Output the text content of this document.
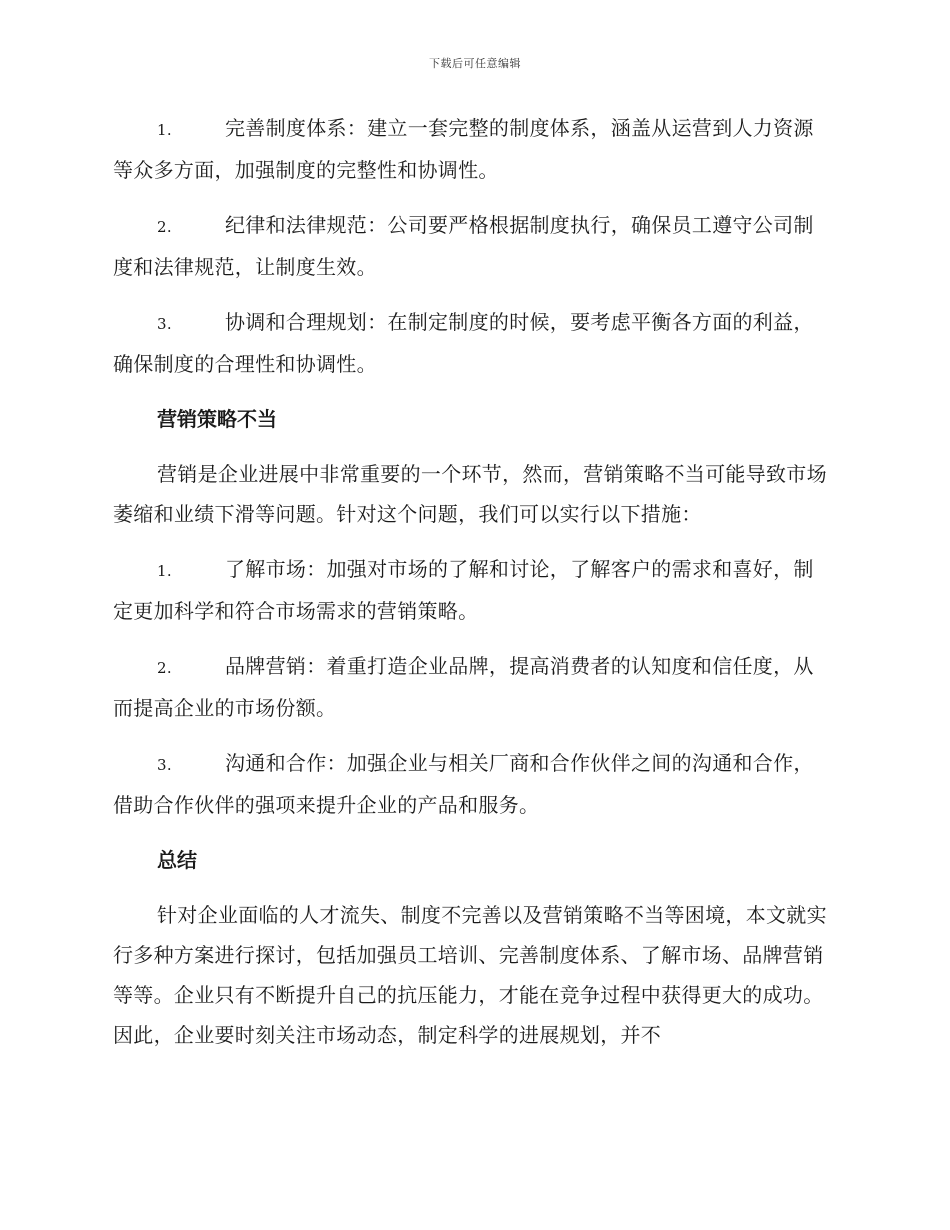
下载后可任意编辑

1.	完善制度体系：建立一套完整的制度体系，涵盖从运营到人力资源等众多方面，加强制度的完整性和协调性。

2.	纪律和法律规范：公司要严格根据制度执行，确保员工遵守公司制度和法律规范，让制度生效。

3.	协调和合理规划：在制定制度的时候，要考虑平衡各方面的利益，确保制度的合理性和协调性。

营销策略不当

营销是企业进展中非常重要的一个环节，然而，营销策略不当可能导致市场萎缩和业绩下滑等问题。针对这个问题，我们可以实行以下措施：

1.	了解市场：加强对市场的了解和讨论，了解客户的需求和喜好，制定更加科学和符合市场需求的营销策略。

2.	品牌营销：着重打造企业品牌，提高消费者的认知度和信任度，从而提高企业的市场份额。

3.	沟通和合作：加强企业与相关厂商和合作伙伴之间的沟通和合作，借助合作伙伴的强项来提升企业的产品和服务。

总结

针对企业面临的人才流失、制度不完善以及营销策略不当等困境，本文就实行多种方案进行探讨，包括加强员工培训、完善制度体系、了解市场、品牌营销等等。企业只有不断提升自己的抗压能力，才能在竞争过程中获得更大的成功。因此，企业要时刻关注市场动态，制定科学的进展规划，并不
